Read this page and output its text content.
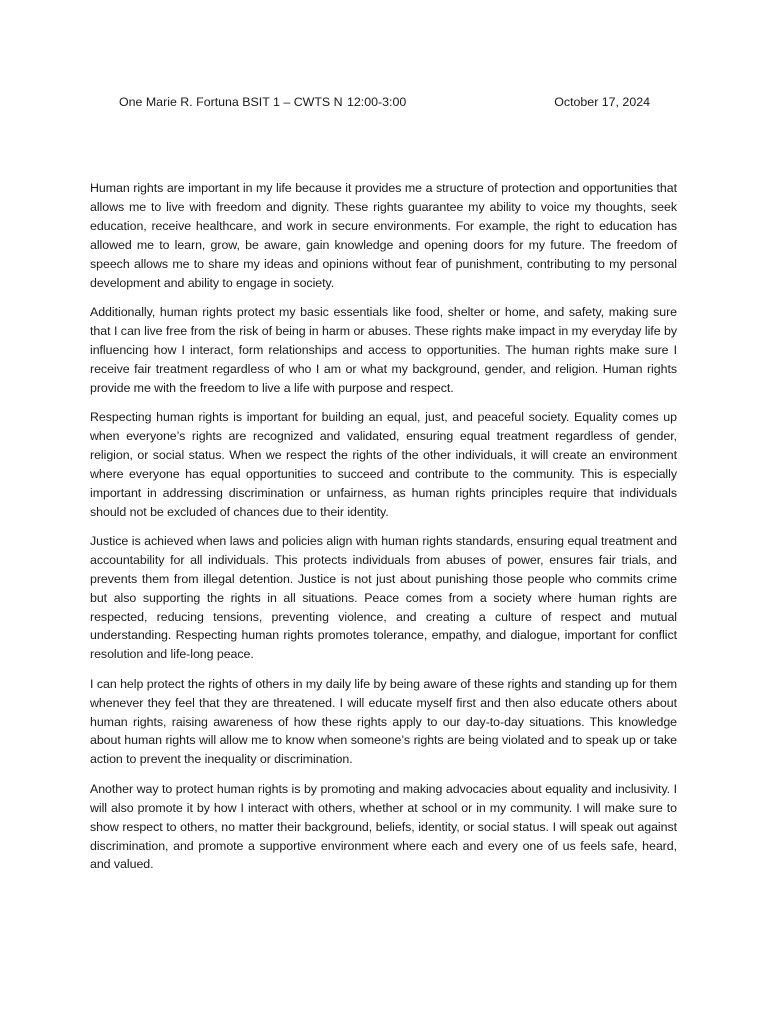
One Marie R. Fortuna BSIT 1 – CWTS N 12:00-3:00	October 17, 2024

Human rights are important in my life because it provides me a structure of protection and opportunities that allows me to live with freedom and dignity. These rights guarantee my ability to voice my thoughts, seek education, receive healthcare, and work in secure environments. For example, the right to education has allowed me to learn, grow, be aware, gain knowledge and opening doors for my future. The freedom of speech allows me to share my ideas and opinions without fear of punishment, contributing to my personal development and ability to engage in society.

Additionally, human rights protect my basic essentials like food, shelter or home, and safety, making sure that I can live free from the risk of being in harm or abuses. These rights make impact in my everyday life by influencing how I interact, form relationships and access to opportunities. The human rights make sure I receive fair treatment regardless of who I am or what my background, gender, and religion. Human rights provide me with the freedom to live a life with purpose and respect.

Respecting human rights is important for building an equal, just, and peaceful society. Equality comes up when everyone’s rights are recognized and validated, ensuring equal treatment regardless of gender, religion, or social status. When we respect the rights of the other individuals, it will create an environment where everyone has equal opportunities to succeed and contribute to the community. This is especially important in addressing discrimination or unfairness, as human rights principles require that individuals should not be excluded of chances due to their identity.

Justice is achieved when laws and policies align with human rights standards, ensuring equal treatment and accountability for all individuals. This protects individuals from abuses of power, ensures fair trials, and prevents them from illegal detention. Justice is not just about punishing those people who commits crime but also supporting the rights in all situations. Peace comes from a society where human rights are respected, reducing tensions, preventing violence, and creating a culture of respect and mutual understanding. Respecting human rights promotes tolerance, empathy, and dialogue, important for conflict resolution and life-long peace.

I can help protect the rights of others in my daily life by being aware of these rights and standing up for them whenever they feel that they are threatened. I will educate myself first and then also educate others about human rights, raising awareness of how these rights apply to our day-to-day situations. This knowledge about human rights will allow me to know when someone’s rights are being violated and to speak up or take action to prevent the inequality or discrimination.

Another way to protect human rights is by promoting and making advocacies about equality and inclusivity. I will also promote it by how I interact with others, whether at school or in my community. I will make sure to show respect to others, no matter their background, beliefs, identity, or social status. I will speak out against discrimination, and promote a supportive environment where each and every one of us feels safe, heard, and valued.
